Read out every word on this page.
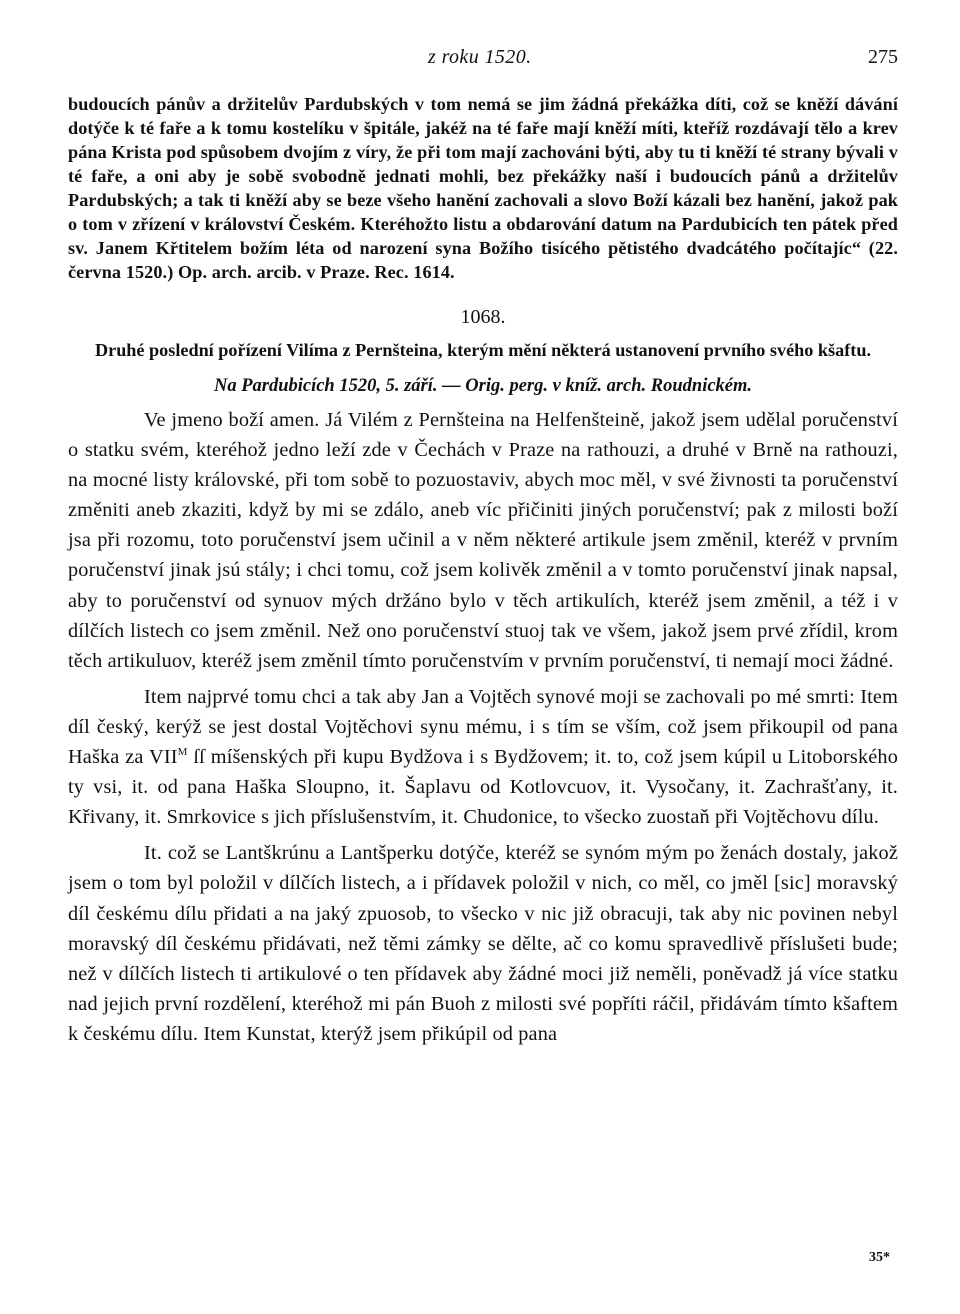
z roku 1520.	275

budoucích pánův a držitelův Pardubských v tom nemá se jim žádná překážka díti, což se kněží dávání dotýče k té faře a k tomu kostelíku v špitále, jakéž na té faře mají kněží míti, kteříž rozdávají tělo a krev pána Krista pod spůsobem dvojím z víry, že při tom mají zachováni býti, aby tu ti kněží té strany bývali v té faře, a oni aby je sobě svobodně jednati mohli, bez překážky naší i budoucích pánů a držitelův Pardubských; a tak ti kněží aby se beze všeho hanění zachovali a slovo Boží kázali bez hanění, jakož pak o tom v zřízení v království Českém. Kteréhožto listu a obdarování datum na Pardubicích ten pátek před sv. Janem Křtitelem božím léta od narození syna Božího tisícého pětistého dvadcátého počítajíc“ (22. června 1520.) Op. arch. arcib. v Praze. Rec. 1614.

1068.

Druhé poslední pořízení Vilíma z Pernšteina, kterým mění některá ustanovení prvního svého kšaftu.

Na Pardubicích 1520, 5. září. — Orig. perg. v kníž. arch. Roudnickém.

Ve jmeno boží amen. Já Vilém z Pernšteina na Helfenšteině, jakož jsem udělal poručenství o statku svém, kteréhož jedno leží zde v Čechách v Praze na rathouzi, a druhé v Brně na rathouzi, na mocné listy královské, při tom sobě to pozuostaviv, abych moc měl, v své živnosti ta poručenství změniti aneb zkaziti, když by mi se zdálo, aneb víc přičiniti jiných poručenství; pak z milosti boží jsa při rozomu, toto poručenství jsem učinil a v něm některé artikule jsem změnil, kteréž v prvním poručenství jinak jsú stály; i chci tomu, což jsem kolivěk změnil a v tomto poručenství jinak napsal, aby to poručenství od synuov mých držáno bylo v těch artikulích, kteréž jsem změnil, a též i v dílčích listech co jsem změnil. Než ono poručenství stuoj tak ve všem, jakož jsem prvé zřídil, krom těch artikuluov, kteréž jsem změnil tímto poručenstvím v prvním poručenství, ti nemají moci žádné.

Item najprvé tomu chci a tak aby Jan a Vojtěch synové moji se zachovali po mé smrti: Item díl český, kerýž se jest dostal Vojtěchovi synu mému, i s tím se vším, což jsem přikoupil od pana Haška za $VII^M$ ſſ míšenských při kupu Bydžova i s Bydžovem; it. to, což jsem kúpil u Litoborského ty vsi, it. od pana Haška Sloupno, it. Šaplavu od Kotlovcuov, it. Vysočany, it. Zachrašťany, it. Křivany, it. Smrkovice s jich příslušenstvím, it. Chudonice, to všecko zuostaň při Vojtěchovu dílu.

It. což se Lantškrúnu a Lantšperku dotýče, kteréž se synóm mým po ženách dostaly, jakož jsem o tom byl položil v dílčích listech, a i přídavek položil v nich, co měl, co jměl [sic] moravský díl českému dílu přidati a na jaký zpuosob, to všecko v nic již obracuji, tak aby nic povinen nebyl moravský díl českému přidávati, než těmi zámky se dělte, ač co komu spravedlivě příslušeti bude; než v dílčích listech ti artikulové o ten přídavek aby žádné moci již neměli, poněvadž já více statku nad jejich první rozdělení, kteréhož mi pán Buoh z milosti své popříti ráčil, přidávám tímto kšaftem k českému dílu. Item Kunstat, kterýž jsem přikúpil od pana

35*
